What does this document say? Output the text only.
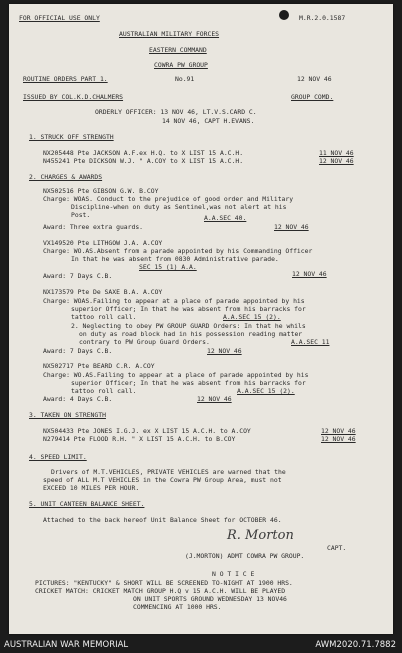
FOR OFFICIAL USE ONLY	M.R.2.0.1587
AUSTRALIAN MILITARY FORCES
EASTERN COMMAND
COWRA PW GROUP
ROUTINE ORDERS PART 1.	No.91	12 NOV 46
ISSUED BY COL.K.D.CHALMERS	GROUP COMD.
ORDERLY OFFICER: 13 NOV 46, LT.V.S.CARD C.
14 NOV 46, CAPT H.EVANS.
1. STRUCK OFF STRENGTH
NX205448 Pte JACKSON A.F.ex H.Q. to X LIST 15 A.C.H.	11 NOV 46
N455241 Pte DICKSON W.J. " A.COY to X LIST 15 A.C.H.	12 NOV 46
2. CHARGES & AWARDS
NX502516 Pte GIBSON G.W. B.COY
Charge: WOAS. Conduct to the prejudice of good order and Military
Discipline-when on duty as Sentinel,was not alert at his
Post.	A.A.SEC 40.
Award: Three extra guards.	12 NOV 46
VX149520 Pte LITHGOW J.A. A.COY
Charge: WO.AS.Absent from a parade appointed by his Commanding Officer
In that he was absent from 0830 Administrative parade.
SEC 15 (1) A.A.
Award: 7 Days C.B.	12 NOV 46
NX173579 Pte De SAXE B.A. A.COY
Charge: WOAS.Failing to appear at a place of parade appointed by his
superior Officer; In that he was absent from his barracks for
tattoo roll call.	A.A.SEC 15 (2).
2. Neglecting to obey PW GROUP GUARD Orders: In that he whils
on duty as road block had in his possession reading matter
contrary to PW Group Guard Orders.	A.A.SEC 11
Award: 7 Days C.B.	12 NOV 46
NX502717 Pte BEARD C.R. A.COY
Charge: WO.AS.Failing to appear at a place of parade appointed by his
superior Officer; In that he was absent from his barracks for
tattoo roll call.	A.A.SEC 15 (2).
Award: 4 Days C.B.	12 NOV 46
3. TAKEN ON STRENGTH
NX504433 Pte JONES I.G.J. ex X LIST 15 A.C.H. to A.COY	12 NOV 46
N279414 Pte FLOOD R.H. " X LIST 15 A.C.H. to B.COY	12 NOV 46
4. SPEED LIMIT.
Drivers of M.T.VEHICLES, PRIVATE VEHICLES are warned that the
speed of ALL M.T VEHICLES in the Cowra PW Group Area, must not
EXCEED 10 MILES PER HOUR.
5. UNIT CANTEEN BALANCE SHEET.
Attached to the back hereof Unit Balance Sheet for OCTOBER 46.
R. Morton
CAPT.
(J.MORTON) ADMT COWRA PW GROUP.
N O T I C E
PICTURES: "KENTUCKY" & SHORT WILL BE SCREENED TO-NIGHT AT 1900 HRS.
CRICKET MATCH: CRICKET MATCH GROUP H.Q v 15 A.C.H. WILL BE PLAYED
ON UNIT SPORTS GROUND WEDNESDAY 13 NOV46
COMMENCING AT 1000 HRS.
AUSTRALIAN WAR MEMORIAL	AWM2020.71.7882
